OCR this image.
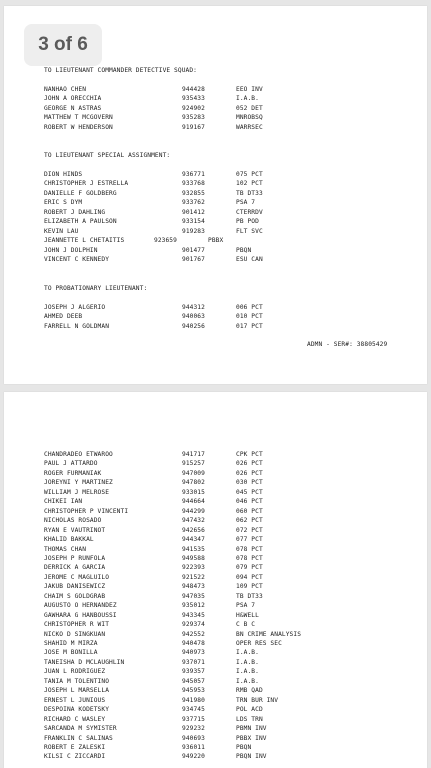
3 of 6
TO LIEUTENANT COMMANDER DETECTIVE SQUAD:
NANHAO CHEN	944428	EEO INV
JOHN A ORECCHIA	935433	I.A.B.
GEORGE N ASTRAS	924902	052 DET
MATTHEW T MCGOVERN	935283	MNROBSQ
ROBERT W HENDERSON	919167	WARRSEC
TO LIEUTENANT SPECIAL ASSIGNMENT:
DION HINDS	936771	075 PCT
CHRISTOPHER J ESTRELLA	933768	102 PCT
DANIELLE F GOLDBERG	932855	TB DT33
ERIC S DYM	933762	PSA 7
ROBERT J DAHLING	901412	CTERRDV
ELIZABETH A PAULSON	933154	PB POD
KEVIN LAU	919283	FLT SVC
JEANNETTE L CHETAITIS	923659	PBBX
JOHN J DOLPHIN	901477	PBQN
VINCENT C KENNEDY	901767	ESU CAN
TO PROBATIONARY LIEUTENANT:
JOSEPH J ALGERIO	944312	006 PCT
AHMED DEEB	940063	010 PCT
FARRELL N GOLDMAN	940256	017 PCT
ADMN - SER#: 38805429
CHANDRADEO ETWAROO	941717	CPK PCT
PAUL J ATTARDO	915257	026 PCT
ROGER FURMANIAK	947009	026 PCT
JOREYNI Y MARTINEZ	947802	030 PCT
WILLIAM J MELROSE	933015	045 PCT
CHIKEI IAN	944664	046 PCT
CHRISTOPHER P VINCENTI	944299	060 PCT
NICHOLAS ROSADO	947432	062 PCT
RYAN E VAUTRINOT	942656	072 PCT
KHALID BAKKAL	944347	077 PCT
THOMAS CHAN	941535	078 PCT
JOSEPH P RUNFOLA	949588	078 PCT
DERRICK A GARCIA	922393	079 PCT
JEROME C MAGLUILO	921522	094 PCT
JAKUB DANISEWICZ	948473	109 PCT
CHAIM S GOLDGRAB	947035	TB DT33
AUGUSTO O HERNANDEZ	935012	PSA 7
GAWHARA G HANBOUSSI	943345	H&WELL
CHRISTOPHER R WIT	929374	C B C
NICKO D SINGKUAN	942552	BN CRIME ANALYSIS
SHAHID M MIRZA	940478	OPER RES SEC
JOSE M BONILLA	940973	I.A.B.
TANEISHA D MCLAUGHLIN	937071	I.A.B.
JUAN L RODRIGUEZ	939357	I.A.B.
TANIA M TOLENTINO	945057	I.A.B.
JOSEPH L MARSELLA	945953	RMB QAD
ERNEST L JUNIOUS	941980	TRN BUR INV
DESPOINA KODETSKY	934745	POL ACD
RICHARD C WASLEY	937715	LDS TRN
SARCANDA M SYMISTER	929232	PBMN INV
FRANKLIN C SALINAS	940693	PBBX INV
ROBERT E ZALESKI	936011	PBQN
KILSI C ZICCARDI	949220	PBQN INV
